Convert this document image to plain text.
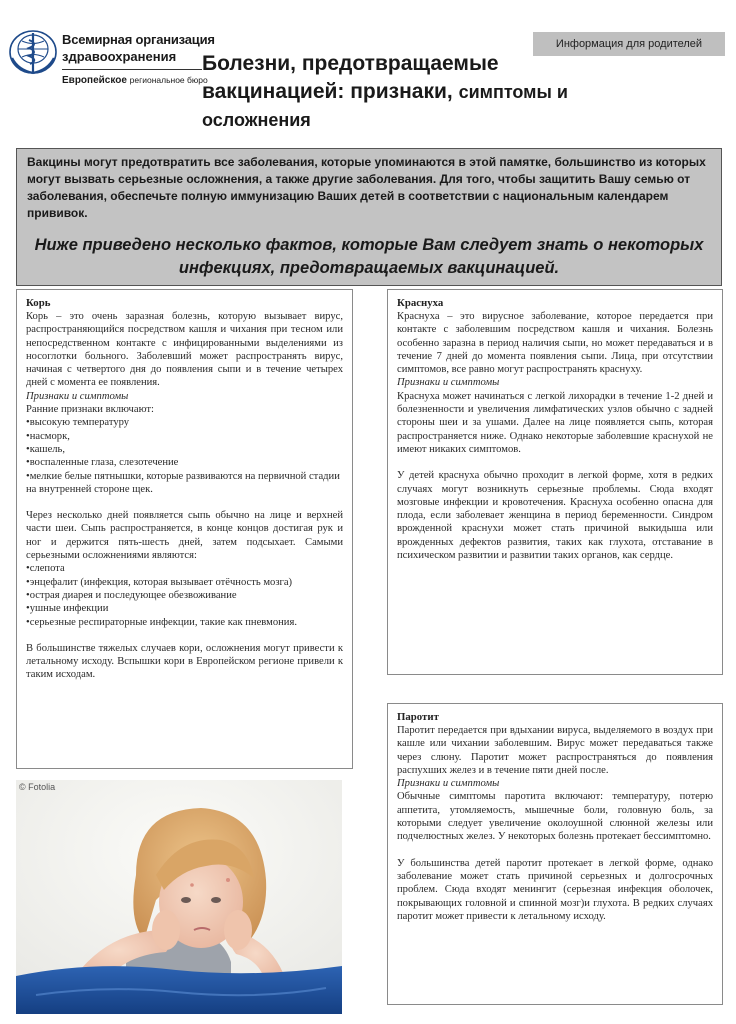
Всемирная организация
здравоохранения
Европейское региональное бюро
Информация для родителей
Болезни, предотвращаемые вакцинацией: признаки, симптомы и осложнения

Вакцины могут предотвратить все заболевания, которые упоминаются в этой памятке, большинство из которых могут вызвать серьезные осложнения, а также другие заболевания. Для того, чтобы защитить Вашу семью от заболевания, обеспечьте полную иммунизацию Ваших детей в соответствии с национальным календарем прививок.

Ниже приведено несколько фактов, которые Вам следует знать о некоторых инфекциях, предотвращаемых вакцинацией.
Корь

Корь – это очень заразная болезнь, которую вызывает вирус, распространяющийся посредством кашля и чихания при тесном или непосредственном контакте с инфицированными выделениями из носоглотки больного. Заболевший может распространять вирус, начиная с четвертого дня до появления сыпи и в течение четырех дней с момента ее появления.

Признаки и симптомы

Ранние признаки включают:

• высокую температуру
• насморк,
• кашель,
• воспаленные глаза, слезотечение
• мелкие белые пятнышки, которые развиваются на первичной стадии на внутренней стороне щек.

Через несколько дней появляется сыпь обычно на лице и верхней части шеи. Сыпь распространяется, в конце концов достигая рук и ног и держится пять-шесть дней, затем подсыхает. Самыми серьезными осложнениями являются:

• слепота
• энцефалит (инфекция, которая вызывает отёчность мозга)
• острая диарея и последующее обезвоживание
• ушные инфекции
• серьезные респираторные инфекции, такие как пневмония.

В большинстве тяжелых случаев кори, осложнения могут привести к летальному исходу. Вспышки кори в Европейском регионе привели к таким исходам.

Краснуха

Краснуха – это вирусное заболевание, которое передается при контакте с заболевшим посредством кашля и чихания. Болезнь особенно заразна в период наличия сыпи, но может передаваться и в течение 7 дней до момента появления сыпи. Лица, при отсутствии симптомов, все равно могут распространять краснуху.

Признаки и симптомы

Краснуха может начинаться с легкой лихорадки в течение 1-2 дней и болезненности и увеличения лимфатических узлов обычно с задней стороны шеи и за ушами. Далее на лице появляется сыпь, которая распространяется ниже. Однако некоторые заболевшие краснухой не имеют никаких симптомов.

У детей краснуха обычно проходит в легкой форме, хотя в редких случаях могут возникнуть серьезные проблемы. Сюда входят мозговые инфекции и кровотечения. Краснуха особенно опасна для плода, если заболевает женщина в период беременности. Синдром врожденной краснухи может стать причиной выкидыша или врожденных дефектов развития, таких как глухота, отставание в психическом развитии и развитии таких органов, как сердце.

Паротит

Паротит передается при вдыхании вируса, выделяемого в воздух при кашле или чихании заболевшим. Вирус может передаваться также через слюну. Паротит может распространяться до появления распухших желез и в течение пяти дней после.

Признаки и симптомы

Обычные симптомы паротита включают: температуру, потерю аппетита, утомляемость, мышечные боли, головную боль, за которыми следует увеличение околоушной слюнной железы или подчелюстных желез. У некоторых болезнь протекает бессимптомно.

У большинства детей паротит протекает в легкой форме, однако заболевание может стать причиной серьезных и долгосрочных проблем. Сюда входят менингит (серьезная инфекция оболочек, покрывающих головной и спинной мозг)и глухота. В редких случаях паротит может привести к летальному исходу.

© Fotolia
